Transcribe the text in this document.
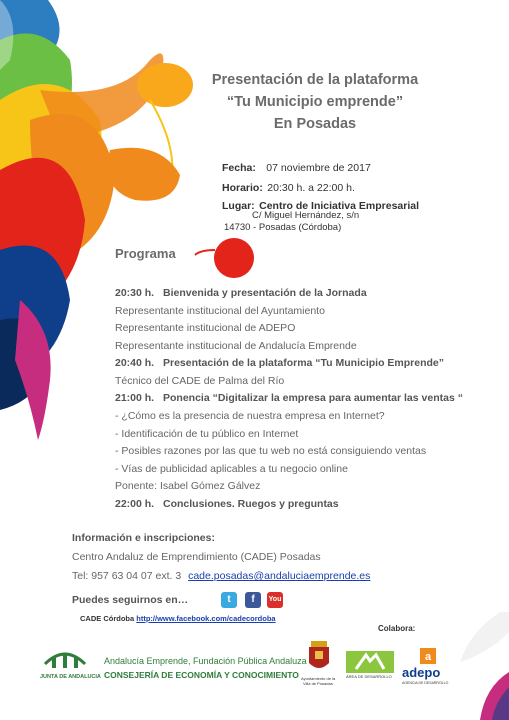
Presentación de la plataforma
“Tu Municipio emprende”
En Posadas
Fecha: 07 noviembre de 2017
Horario: 20:30 h. a 22:00 h.
Lugar: Centro de Iniciativa Empresarial
C/ Miguel Hernández, s/n
14730 - Posadas (Córdoba)
Programa
20:30 h. Bienvenida y presentación de la Jornada
Representante institucional del Ayuntamiento
Representante institucional de ADEPO
Representante institucional de Andalucía Emprende
20:40 h. Presentación de la plataforma “Tu Municipio Emprende”
Técnico del CADE de Palma del Río
21:00 h. Ponencia “Digitalizar la empresa para aumentar las ventas “
- ¿Cómo es la presencia de nuestra empresa en Internet?
- Identificación de tu público en Internet
- Posibles razones por las que tu web no está consiguiendo ventas
- Vías de publicidad aplicables a tu negocio online
Ponente: Isabel Gómez Gálvez
22:00 h. Conclusiones. Ruegos y preguntas
Información e inscripciones:
Centro Andaluz de Emprendimiento (CADE) Posadas
Tel: 957 63 04 07 ext. 3 cade.posadas@andaluciaemprende.es
Puedes seguirnos en…	t	f	You
CADE Córdoba http://www.facebook.com/cadecordoba
Colabora:
JUNTA DE ANDALUCIA
Andalucía Emprende, Fundación Pública Andaluza
CONSEJERÍA DE ECONOMÍA Y CONOCIMIENTO Ayuntamiento de la
Villa de Posadas
ÁREA DE DESARROLLO
a
adepo
AGENCIA DE DESARROLLO
